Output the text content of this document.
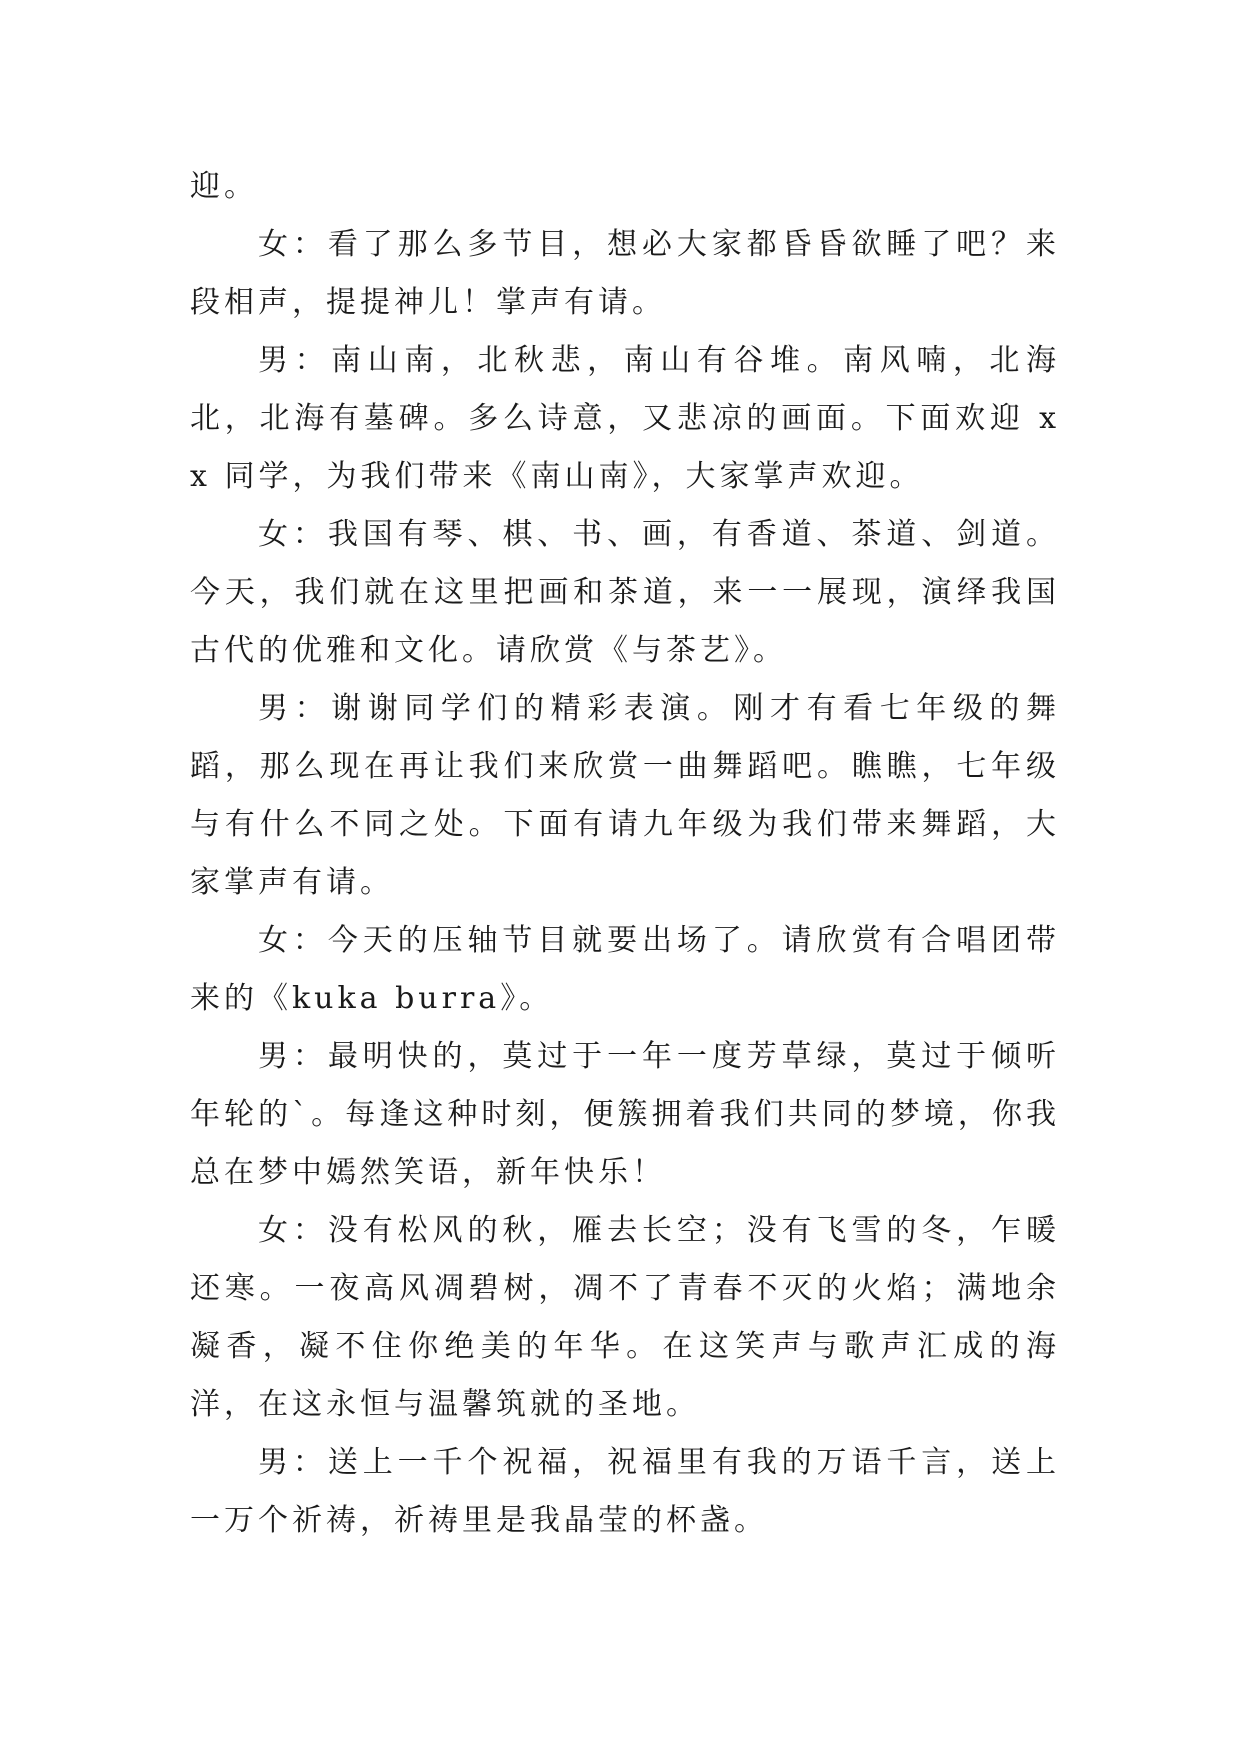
迎。

女：看了那么多节目，想必大家都昏昏欲睡了吧？来段相声，提提神儿！掌声有请。

男：南山南，北秋悲，南山有谷堆。南风喃，北海北，北海有墓碑。多么诗意，又悲凉的画面。下面欢迎 xx 同学，为我们带来《南山南》，大家掌声欢迎。

女：我国有琴、棋、书、画，有香道、茶道、剑道。今天，我们就在这里把画和茶道，来一一展现，演绎我国古代的优雅和文化。请欣赏《与茶艺》。

男：谢谢同学们的精彩表演。刚才有看七年级的舞蹈，那么现在再让我们来欣赏一曲舞蹈吧。瞧瞧，七年级与有什么不同之处。下面有请九年级为我们带来舞蹈，大家掌声有请。

女：今天的压轴节目就要出场了。请欣赏有合唱团带来的《kuka burra》。

男：最明快的，莫过于一年一度芳草绿，莫过于倾听年轮的`。每逢这种时刻，便簇拥着我们共同的梦境，你我总在梦中嫣然笑语，新年快乐！

女：没有松风的秋，雁去长空；没有飞雪的冬，乍暖还寒。一夜高风凋碧树，凋不了青春不灭的火焰；满地余凝香，凝不住你绝美的年华。在这笑声与歌声汇成的海洋，在这永恒与温馨筑就的圣地。

男：送上一千个祝福，祝福里有我的万语千言，送上一万个祈祷，祈祷里是我晶莹的杯盏。
